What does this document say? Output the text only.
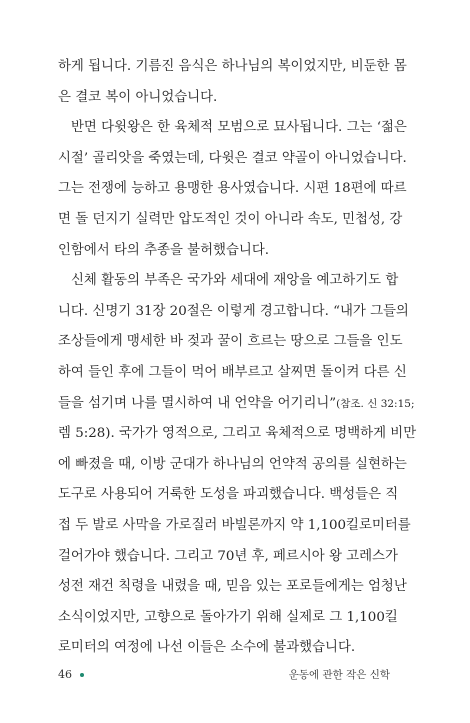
하게 됩니다. 기름진 음식은 하나님의 복이었지만, 비둔한 몸
은 결코 복이 아니었습니다.
반면 다윗왕은 한 육체적 모범으로 묘사됩니다. 그는 ‘젊은
시절’ 골리앗을 죽였는데, 다윗은 결코 약골이 아니었습니다.
그는 전쟁에 능하고 용맹한 용사였습니다. 시편 18편에 따르
면 돌 던지기 실력만 압도적인 것이 아니라 속도, 민첩성, 강
인함에서 타의 추종을 불허했습니다.
신체 활동의 부족은 국가와 세대에 재앙을 예고하기도 합
니다. 신명기 31장 20절은 이렇게 경고합니다. “내가 그들의
조상들에게 맹세한 바 젖과 꿀이 흐르는 땅으로 그들을 인도
하여 들인 후에 그들이 먹어 배부르고 살찌면 돌이켜 다른 신
들을 섬기며 나를 멸시하여 내 언약을 어기리니”(참조. 신 32:15;
렘 5:28). 국가가 영적으로, 그리고 육체적으로 명백하게 비만
에 빠졌을 때, 이방 군대가 하나님의 언약적 공의를 실현하는
도구로 사용되어 거룩한 도성을 파괴했습니다. 백성들은 직
접 두 발로 사막을 가로질러 바빌론까지 약 1,100킬로미터를
걸어가야 했습니다. 그리고 70년 후, 페르시아 왕 고레스가
성전 재건 칙령을 내렸을 때, 믿음 있는 포로들에게는 엄청난
소식이었지만, 고향으로 돌아가기 위해 실제로 그 1,100킬
로미터의 여정에 나선 이들은 소수에 불과했습니다.
46	운동에 관한 작은 신학
